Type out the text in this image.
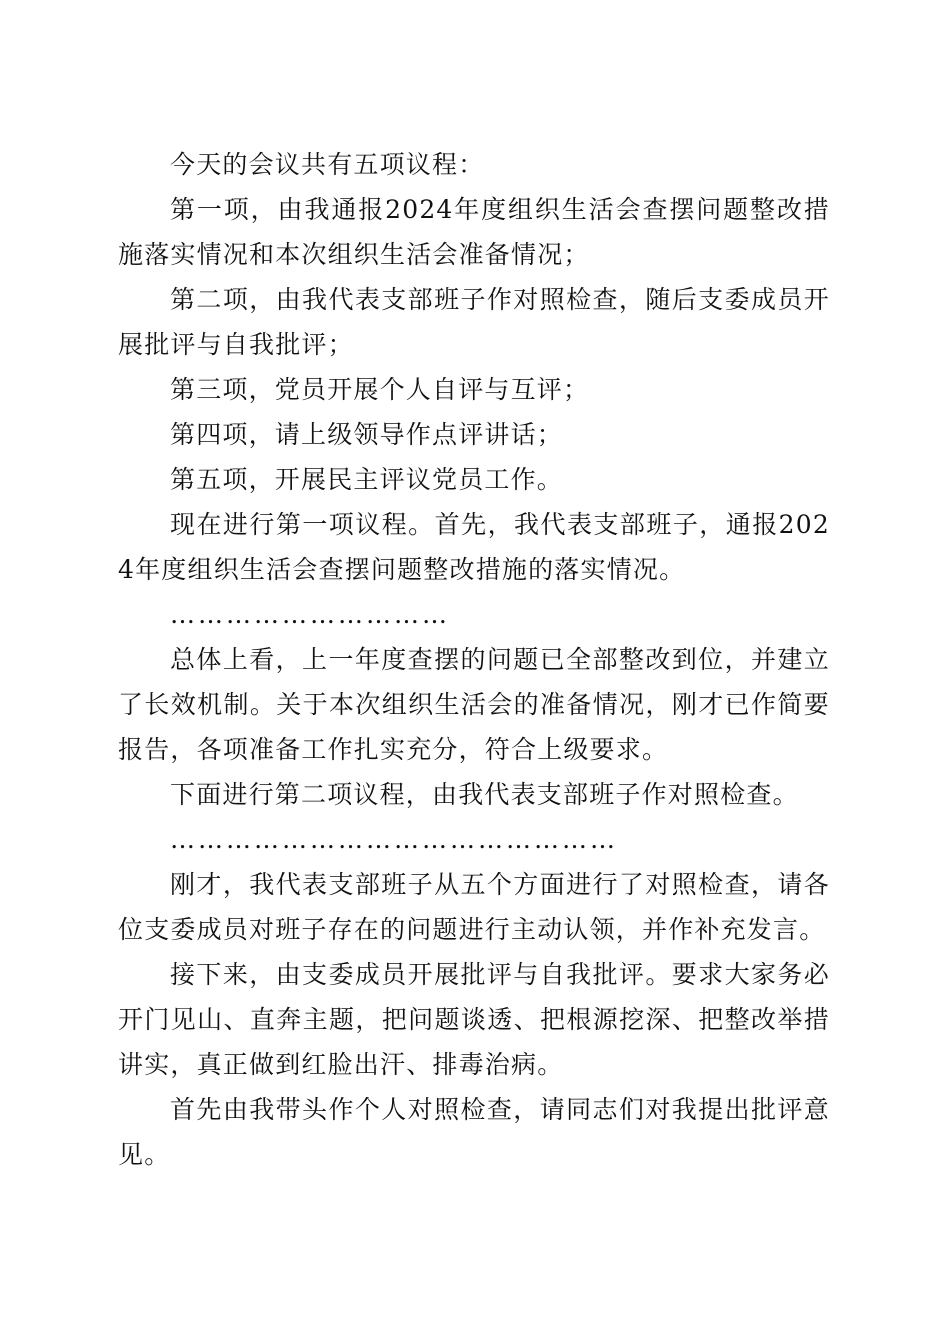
今天的会议共有五项议程：

第一项，由我通报2024年度组织生活会查摆问题整改措施落实情况和本次组织生活会准备情况；

第二项，由我代表支部班子作对照检查，随后支委成员开展批评与自我批评；

第三项，党员开展个人自评与互评；

第四项，请上级领导作点评讲话；

第五项，开展民主评议党员工作。

现在进行第一项议程。首先，我代表支部班子，通报2024年度组织生活会查摆问题整改措施的落实情况。

…………………………

总体上看，上一年度查摆的问题已全部整改到位，并建立了长效机制。关于本次组织生活会的准备情况，刚才已作简要报告，各项准备工作扎实充分，符合上级要求。

下面进行第二项议程，由我代表支部班子作对照检查。

…………………………………………

刚才，我代表支部班子从五个方面进行了对照检查，请各位支委成员对班子存在的问题进行主动认领，并作补充发言。

接下来，由支委成员开展批评与自我批评。要求大家务必开门见山、直奔主题，把问题谈透、把根源挖深、把整改举措讲实，真正做到红脸出汗、排毒治病。

首先由我带头作个人对照检查，请同志们对我提出批评意见。
